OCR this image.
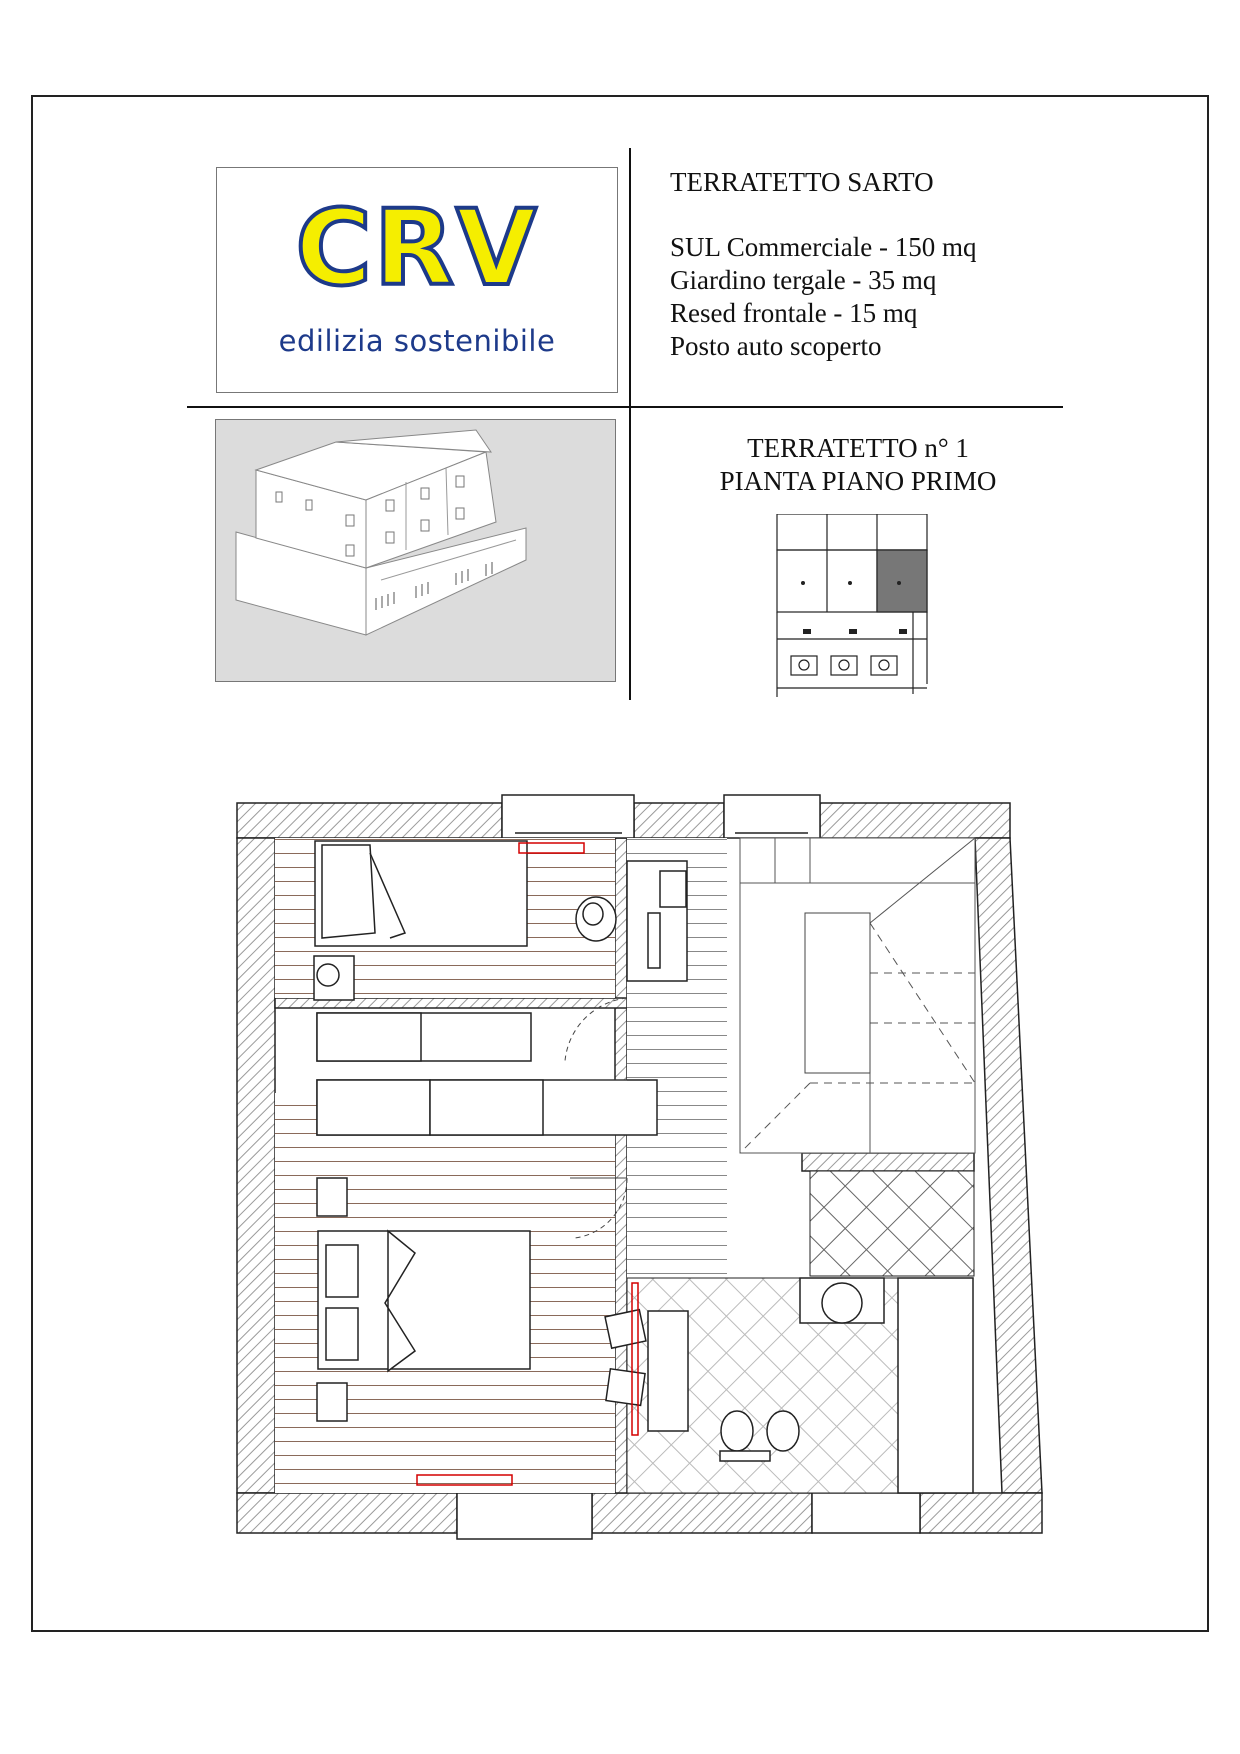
CRV
edilizia sostenibile
TERRATETTO SARTO
SUL Commerciale - 150 mq
Giardino tergale - 35 mq
Resed frontale - 15 mq
Posto auto scoperto
TERRATETTO n° 1
PIANTA PIANO PRIMO
